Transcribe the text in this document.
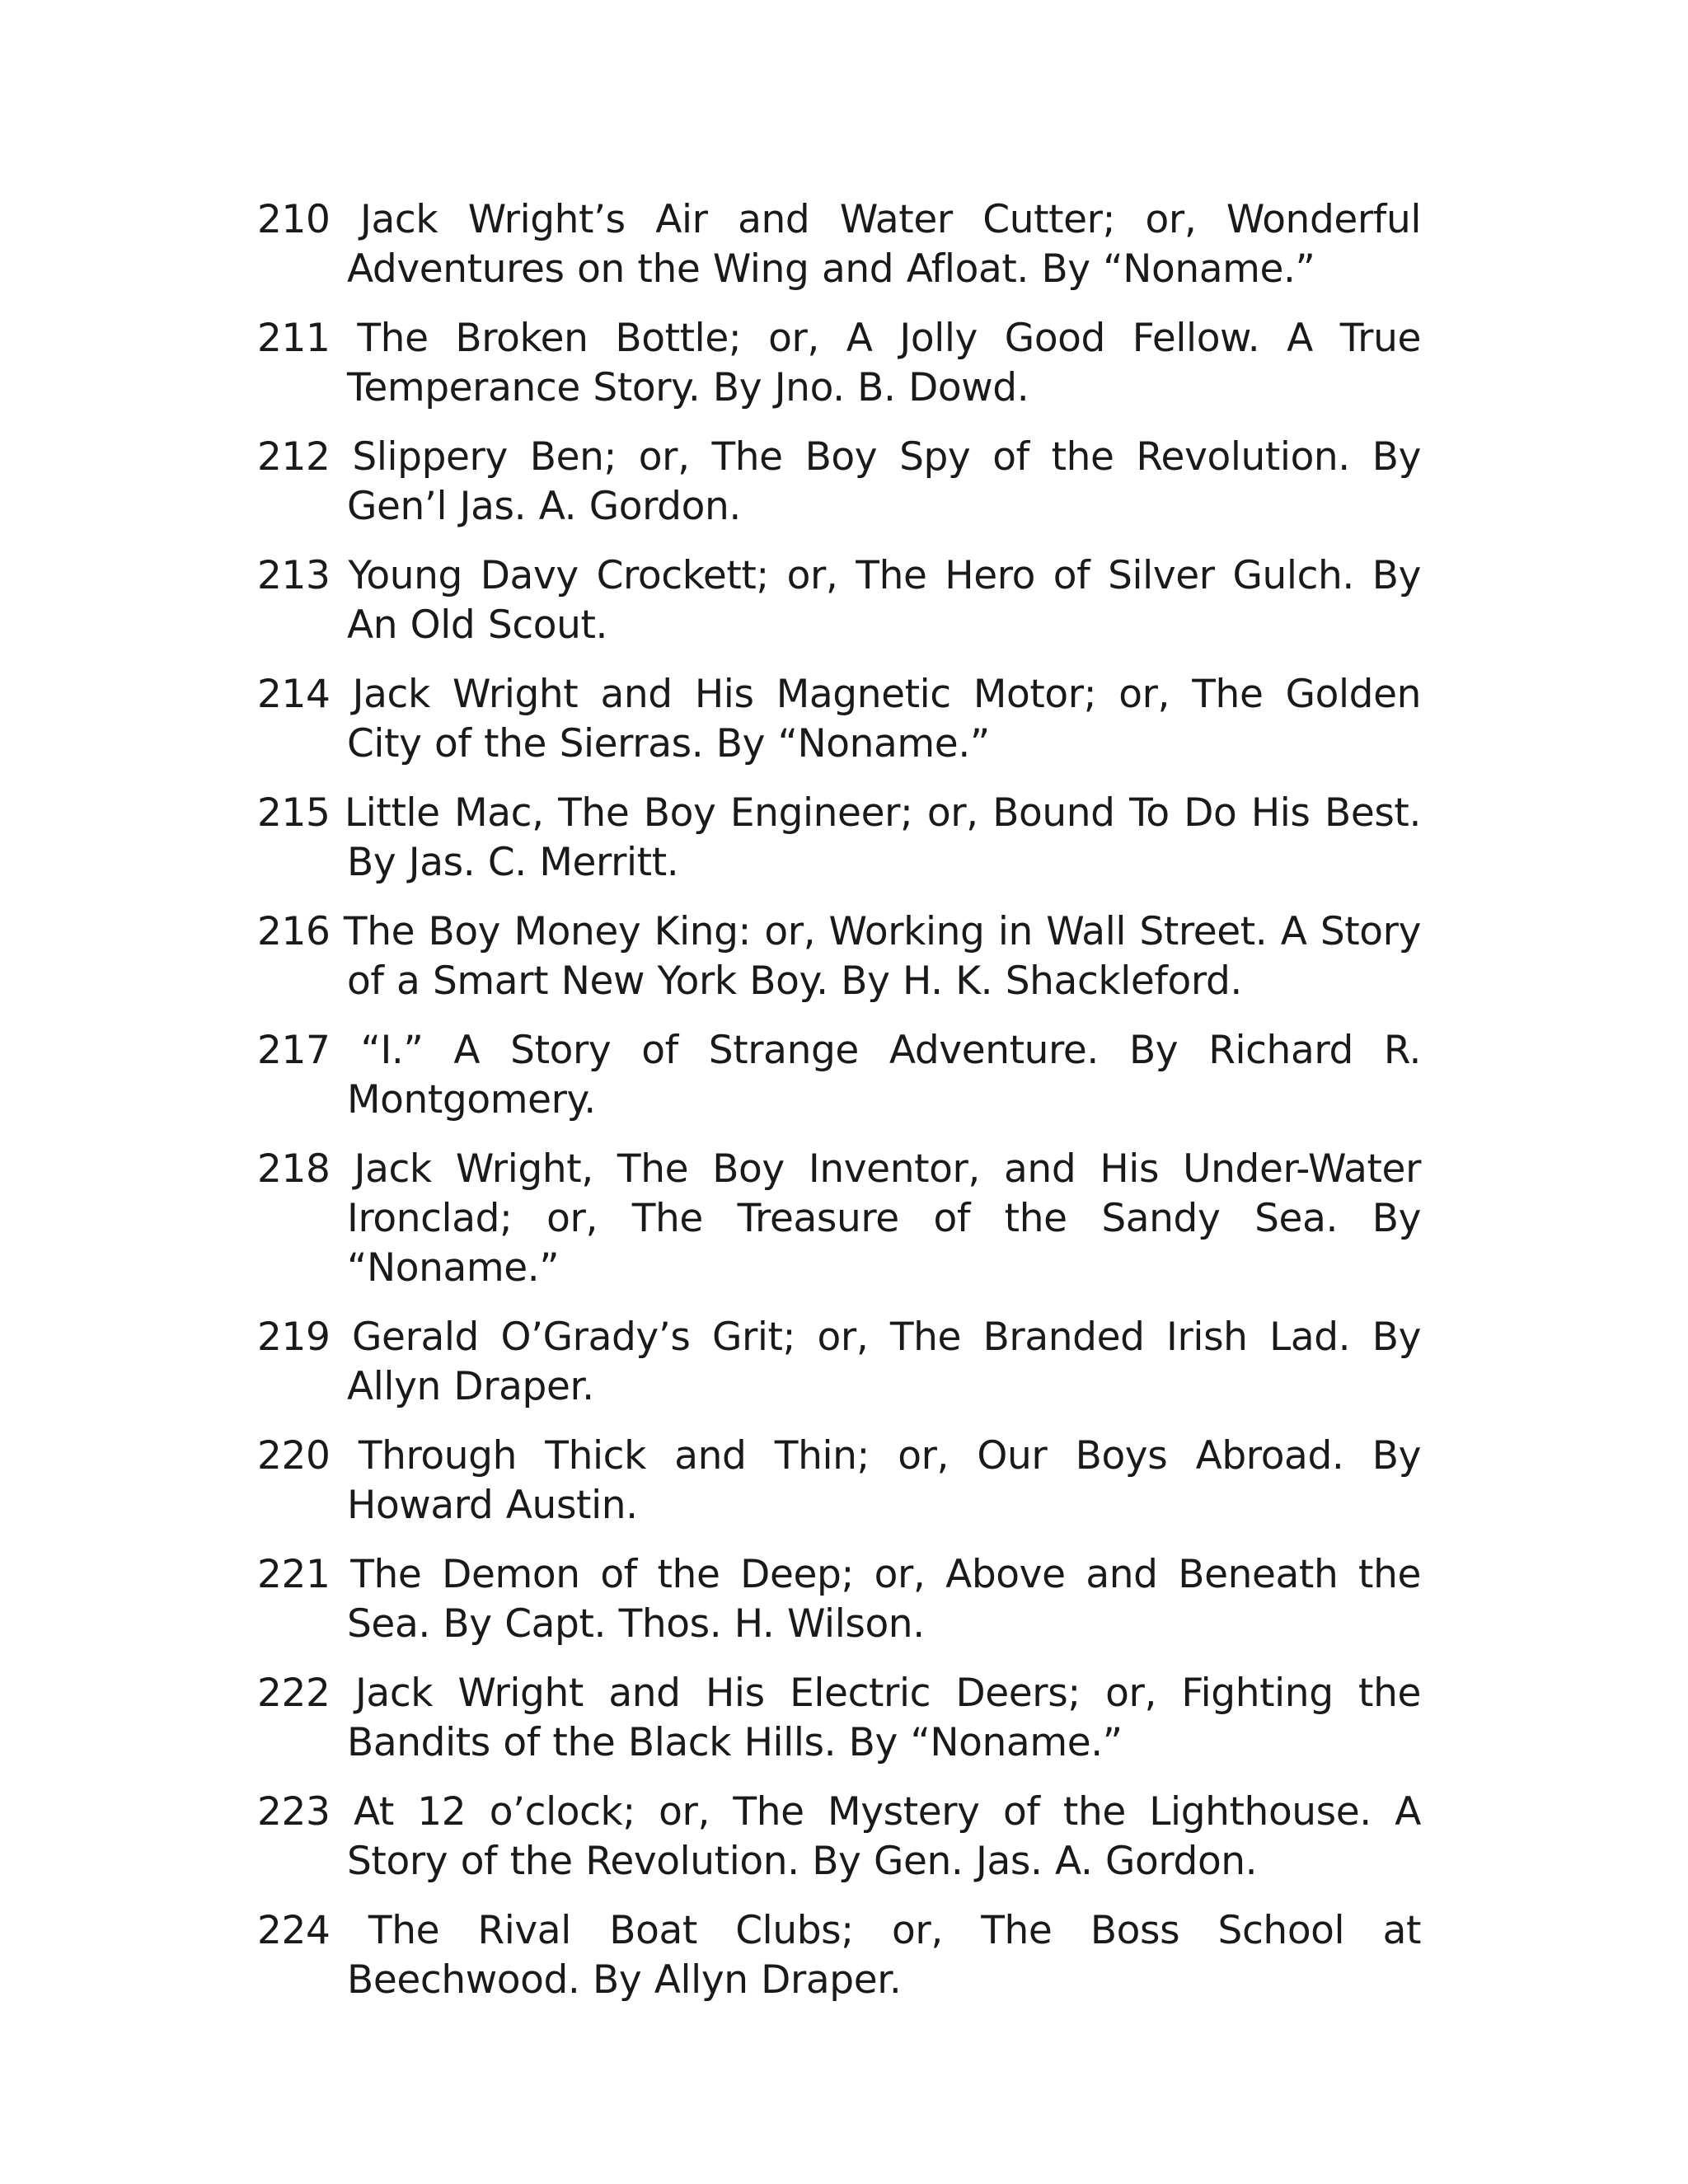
210 Jack Wright’s Air and Water Cutter; or, Wonderful Adventures on the Wing and Afloat. By “Noname.”

211 The Broken Bottle; or, A Jolly Good Fellow. A True Temperance Story. By Jno. B. Dowd.

212 Slippery Ben; or, The Boy Spy of the Revolution. By Gen’l Jas. A. Gordon.

213 Young Davy Crockett; or, The Hero of Silver Gulch. By An Old Scout.

214 Jack Wright and His Magnetic Motor; or, The Golden City of the Sierras. By “Noname.”

215 Little Mac, The Boy Engineer; or, Bound To Do His Best. By Jas. C. Merritt.

216 The Boy Money King: or, Working in Wall Street. A Story of a Smart New York Boy. By H. K. Shackleford.

217 “I.” A Story of Strange Adventure. By Richard R. Montgomery.

218 Jack Wright, The Boy Inventor, and His Under-Water Ironclad; or, The Treasure of the Sandy Sea. By “Noname.”

219 Gerald O’Grady’s Grit; or, The Branded Irish Lad. By Allyn Draper.

220 Through Thick and Thin; or, Our Boys Abroad. By Howard Austin.

221 The Demon of the Deep; or, Above and Beneath the Sea. By Capt. Thos. H. Wilson.

222 Jack Wright and His Electric Deers; or, Fighting the Bandits of the Black Hills. By “Noname.”

223 At 12 o’clock; or, The Mystery of the Lighthouse. A Story of the Revolution. By Gen. Jas. A. Gordon.

224 The Rival Boat Clubs; or, The Boss School at Beechwood. By Allyn Draper.
